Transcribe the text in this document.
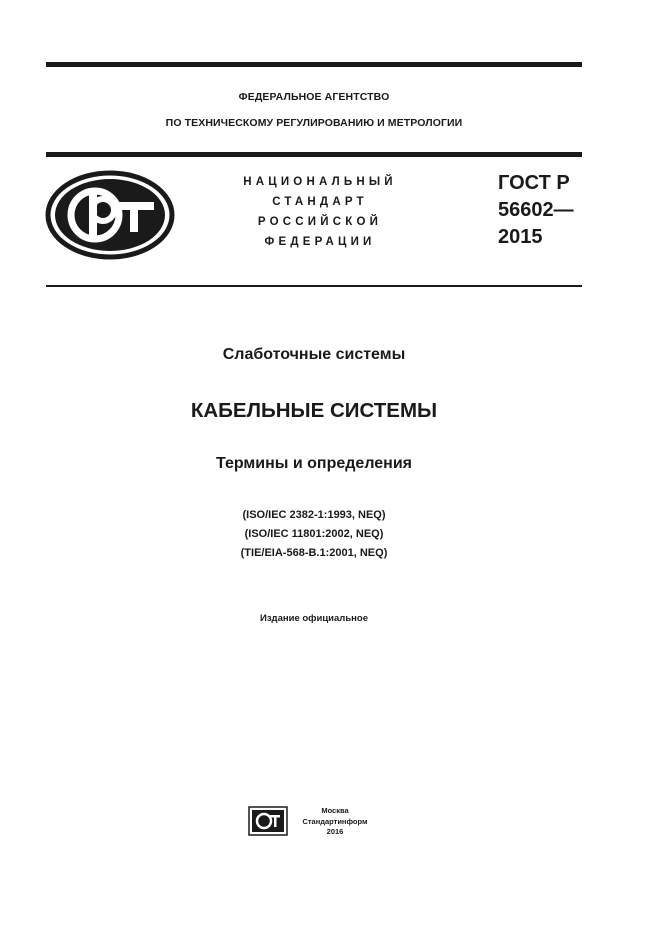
ФЕДЕРАЛЬНОЕ АГЕНТСТВО
ПО ТЕХНИЧЕСКОМУ РЕГУЛИРОВАНИЮ И МЕТРОЛОГИИ
НАЦИОНАЛЬНЫЙ
СТАНДАРТ
РОССИЙСКОЙ
ФЕДЕРАЦИИ
ГОСТ Р
56602—
2015
Слаботочные системы
КАБЕЛЬНЫЕ СИСТЕМЫ
Термины и определения
(ISO/IEC 2382-1:1993, NEQ)
(ISO/IEC 11801:2002, NEQ)
(TIE/EIA-568-B.1:2001, NEQ)
Издание официальное
Москва
Стандартинформ
2016
